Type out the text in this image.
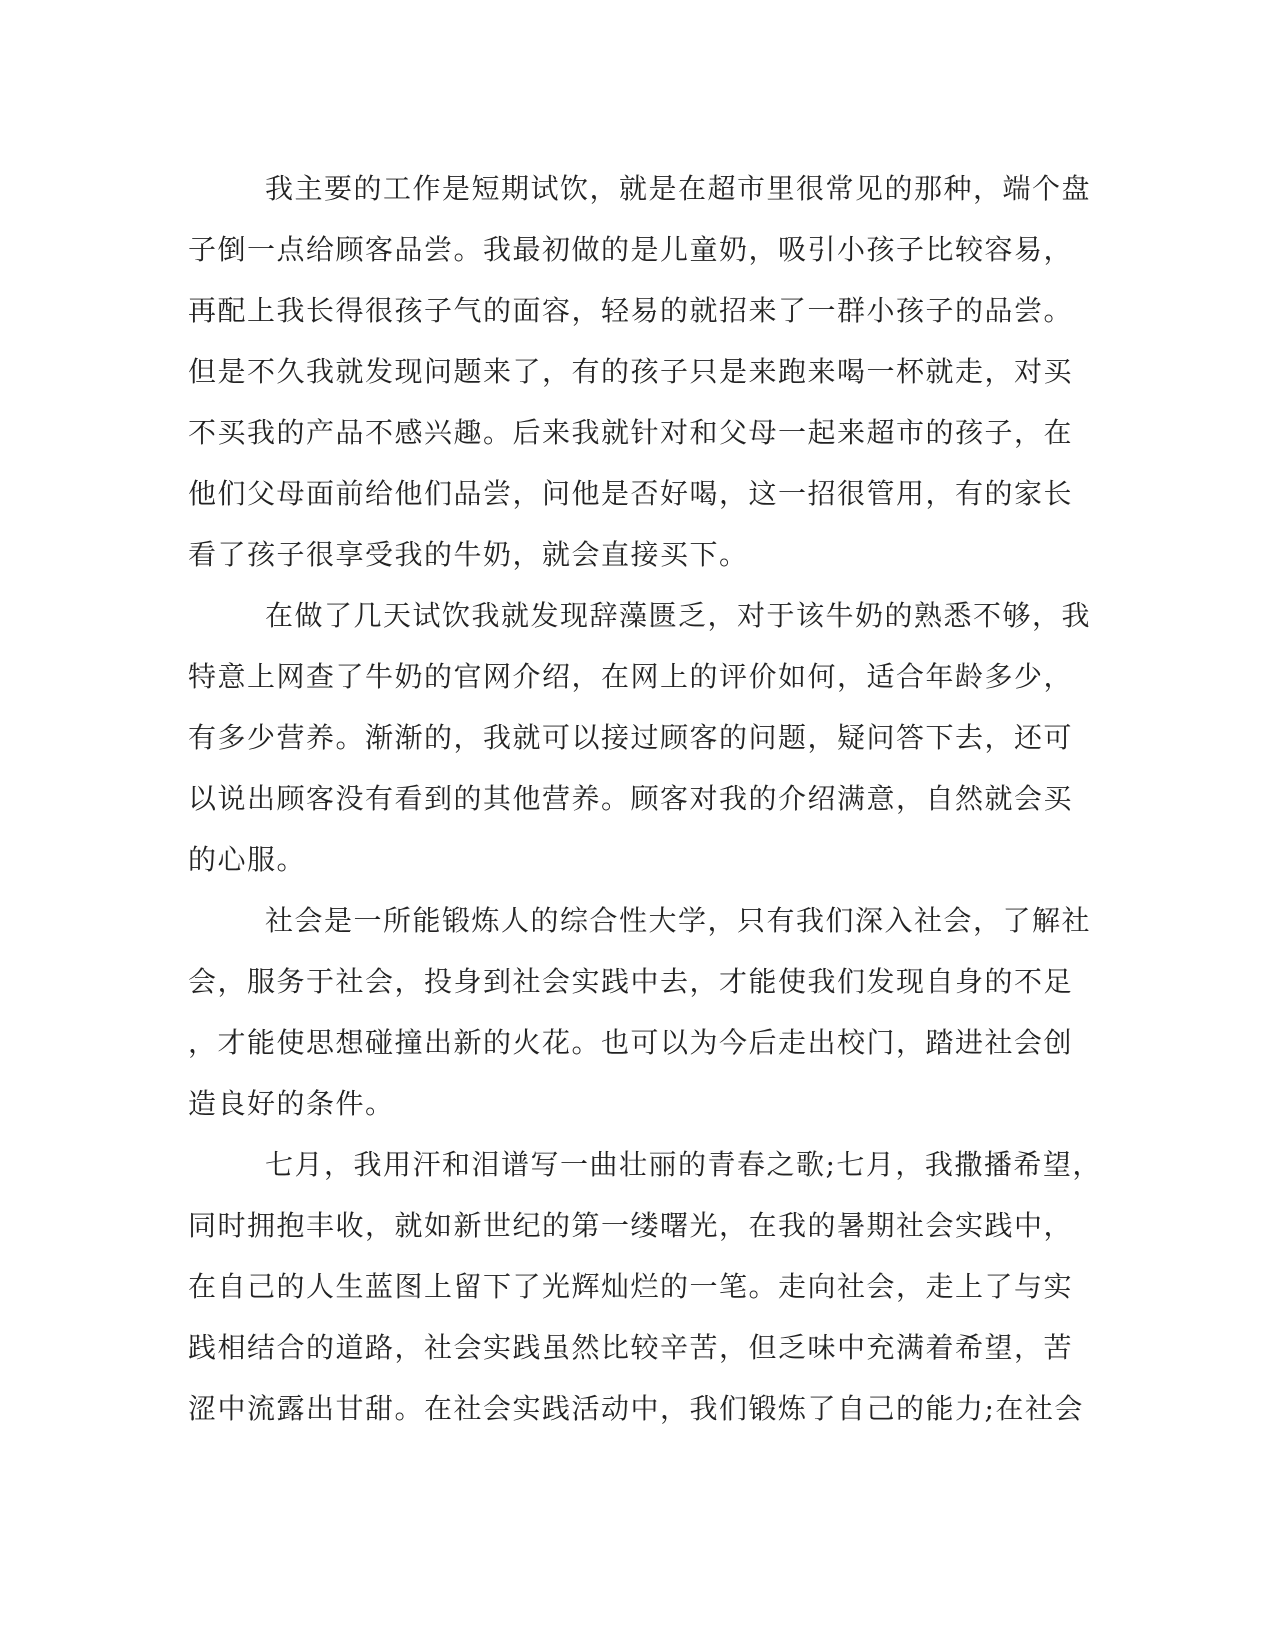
我主要的工作是短期试饮，就是在超市里很常见的那种，端个盘
子倒一点给顾客品尝。我最初做的是儿童奶，吸引小孩子比较容易，
再配上我长得很孩子气的面容，轻易的就招来了一群小孩子的品尝。
但是不久我就发现问题来了，有的孩子只是来跑来喝一杯就走，对买
不买我的产品不感兴趣。后来我就针对和父母一起来超市的孩子，在
他们父母面前给他们品尝，问他是否好喝，这一招很管用，有的家长
看了孩子很享受我的牛奶，就会直接买下。
在做了几天试饮我就发现辞藻匮乏，对于该牛奶的熟悉不够，我
特意上网查了牛奶的官网介绍，在网上的评价如何，适合年龄多少，
有多少营养。渐渐的，我就可以接过顾客的问题，疑问答下去，还可
以说出顾客没有看到的其他营养。顾客对我的介绍满意，自然就会买
的心服。
社会是一所能锻炼人的综合性大学，只有我们深入社会，了解社
会，服务于社会，投身到社会实践中去，才能使我们发现自身的不足
，才能使思想碰撞出新的火花。也可以为今后走出校门，踏进社会创
造良好的条件。
七月，我用汗和泪谱写一曲壮丽的青春之歌;七月，我撒播希望，
同时拥抱丰收，就如新世纪的第一缕曙光，在我的暑期社会实践中，
在自己的人生蓝图上留下了光辉灿烂的一笔。走向社会，走上了与实
践相结合的道路，社会实践虽然比较辛苦，但乏味中充满着希望，苦
涩中流露出甘甜。在社会实践活动中，我们锻炼了自己的能力;在社会
